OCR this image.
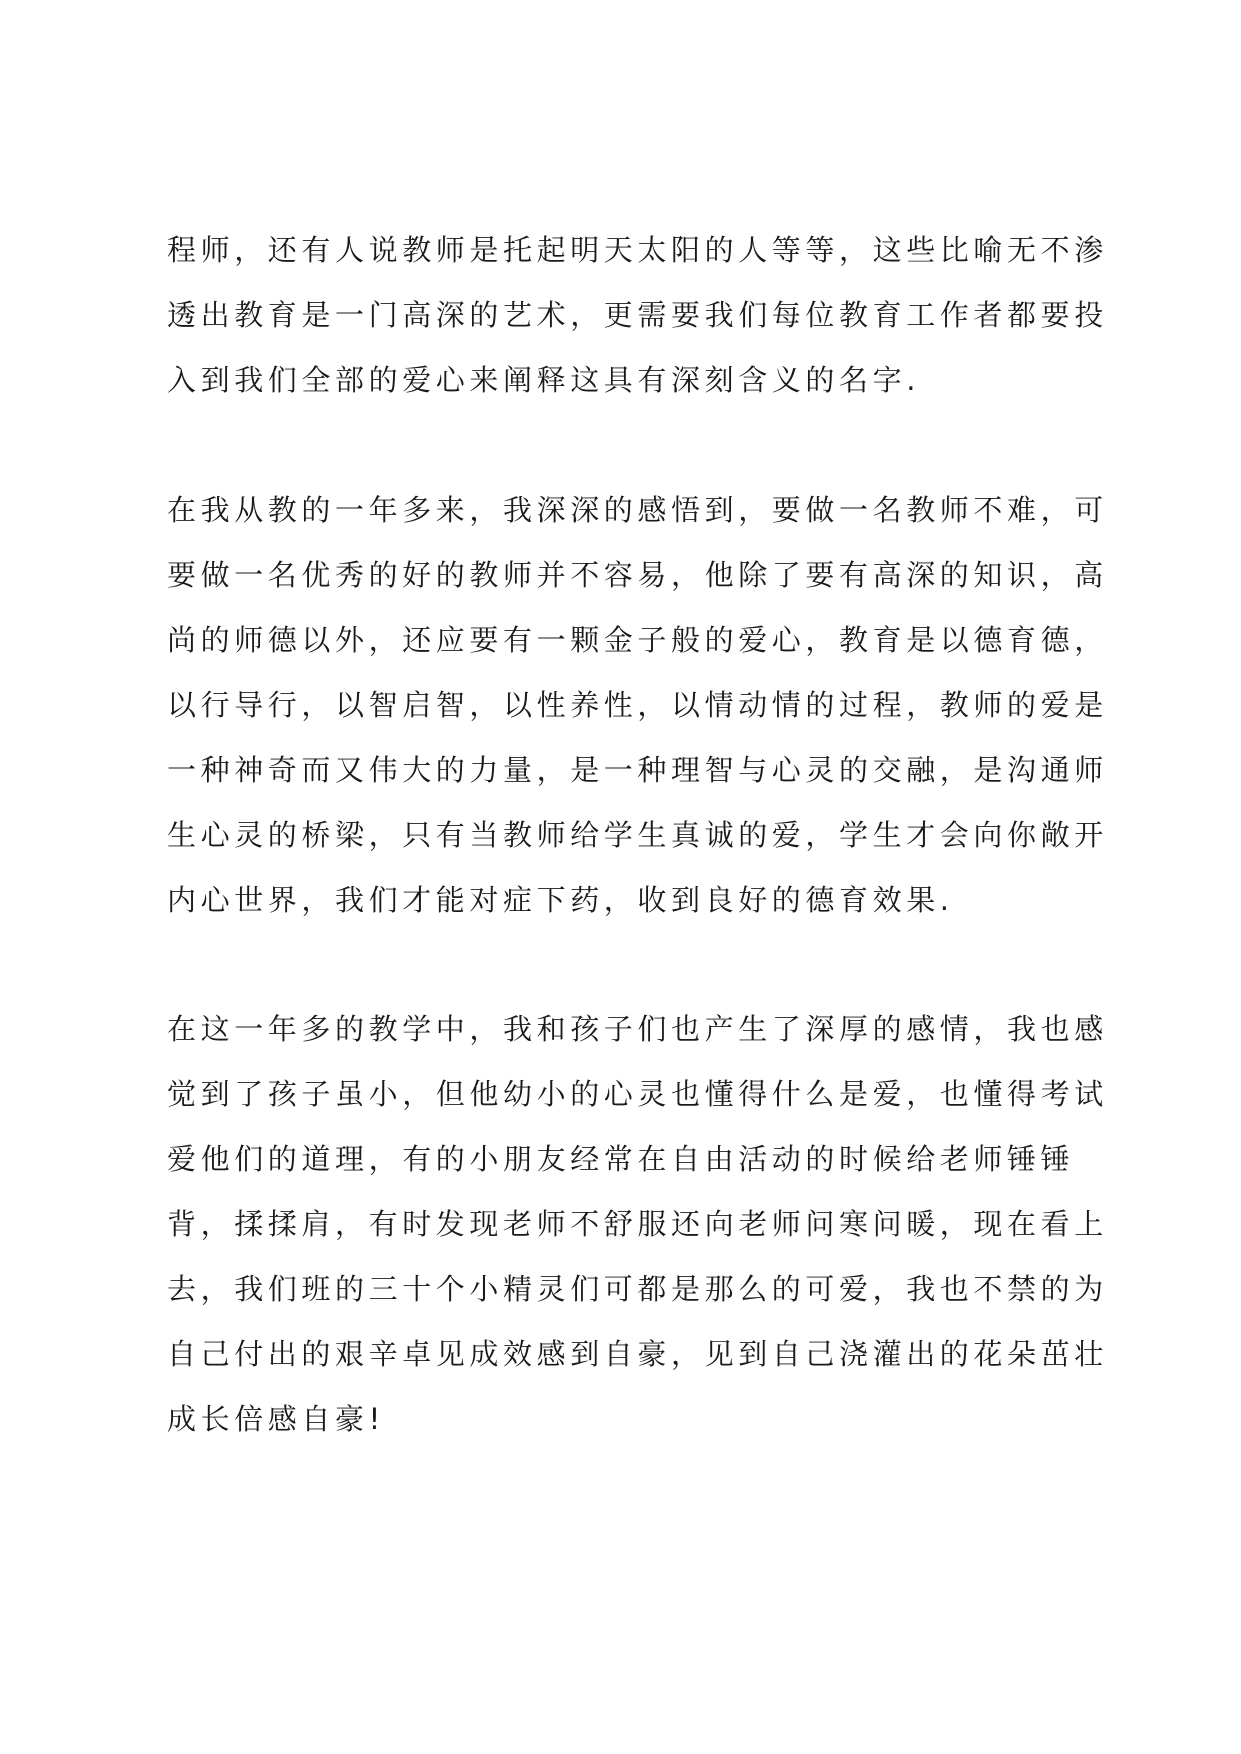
程师，还有人说教师是托起明天太阳的人等等，这些比喻无不渗
透出教育是一门高深的艺术，更需要我们每位教育工作者都要投
入到我们全部的爱心来阐释这具有深刻含义的名字.
在我从教的一年多来，我深深的感悟到，要做一名教师不难，可
要做一名优秀的好的教师并不容易，他除了要有高深的知识，高
尚的师德以外，还应要有一颗金子般的爱心，教育是以德育德，
以行导行，以智启智，以性养性，以情动情的过程，教师的爱是
一种神奇而又伟大的力量，是一种理智与心灵的交融，是沟通师
生心灵的桥梁，只有当教师给学生真诚的爱，学生才会向你敞开
内心世界，我们才能对症下药，收到良好的德育效果.
在这一年多的教学中，我和孩子们也产生了深厚的感情，我也感
觉到了孩子虽小，但他幼小的心灵也懂得什么是爱，也懂得考试
爱他们的道理，有的小朋友经常在自由活动的时候给老师锤锤
背，揉揉肩，有时发现老师不舒服还向老师问寒问暖，现在看上
去，我们班的三十个小精灵们可都是那么的可爱，我也不禁的为
自己付出的艰辛卓见成效感到自豪，见到自己浇灌出的花朵茁壮
成长倍感自豪!
